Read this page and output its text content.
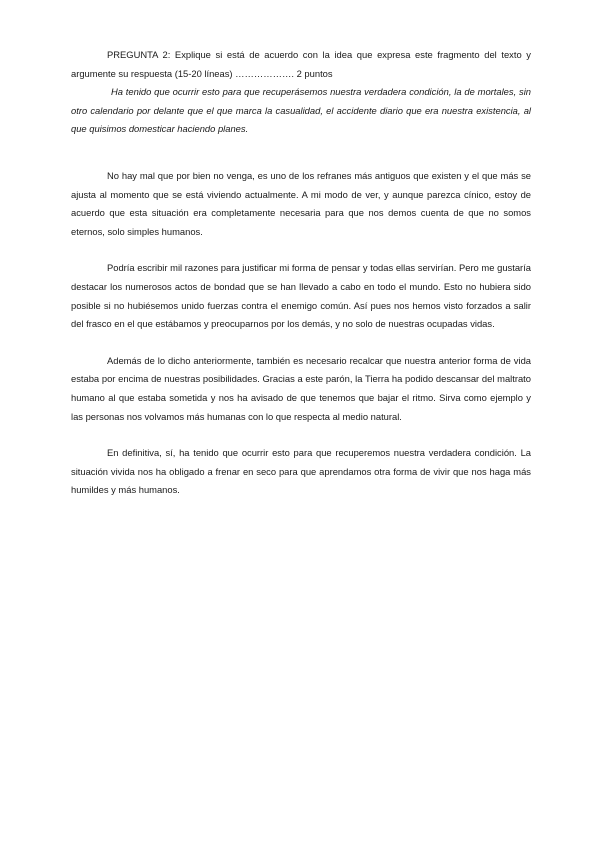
PREGUNTA 2: Explique si está de acuerdo con la idea que expresa este fragmento del texto y argumente su respuesta (15-20 líneas) ………………. 2 puntos

Ha tenido que ocurrir esto para que recuperásemos nuestra verdadera condición, la de mortales, sin otro calendario por delante que el que marca la casualidad, el accidente diario que era nuestra existencia, al que quisimos domesticar haciendo planes.

No hay mal que por bien no venga, es uno de los refranes más antiguos que existen y el que más se ajusta al momento que se está viviendo actualmente. A mi modo de ver, y aunque parezca cínico, estoy de acuerdo que esta situación era completamente necesaria para que nos demos cuenta de que no somos eternos, solo simples humanos.

Podría escribir mil razones para justificar mi forma de pensar y todas ellas servirían. Pero me gustaría destacar los numerosos actos de bondad que se han llevado a cabo en todo el mundo. Esto no hubiera sido posible si no hubiésemos unido fuerzas contra el enemigo común. Así pues nos hemos visto forzados a salir del frasco en el que estábamos y preocuparnos por los demás, y no solo de nuestras ocupadas vidas.

Además de lo dicho anteriormente, también es necesario recalcar que nuestra anterior forma de vida estaba por encima de nuestras posibilidades. Gracias a este parón, la Tierra ha podido descansar del maltrato humano al que estaba sometida y nos ha avisado de que tenemos que bajar el ritmo. Sirva como ejemplo y las personas nos volvamos más humanas con lo que respecta al medio natural.

En definitiva, sí, ha tenido que ocurrir esto para que recuperemos nuestra verdadera condición. La situación vivida nos ha obligado a frenar en seco para que aprendamos otra forma de vivir que nos haga más humildes y más humanos.
